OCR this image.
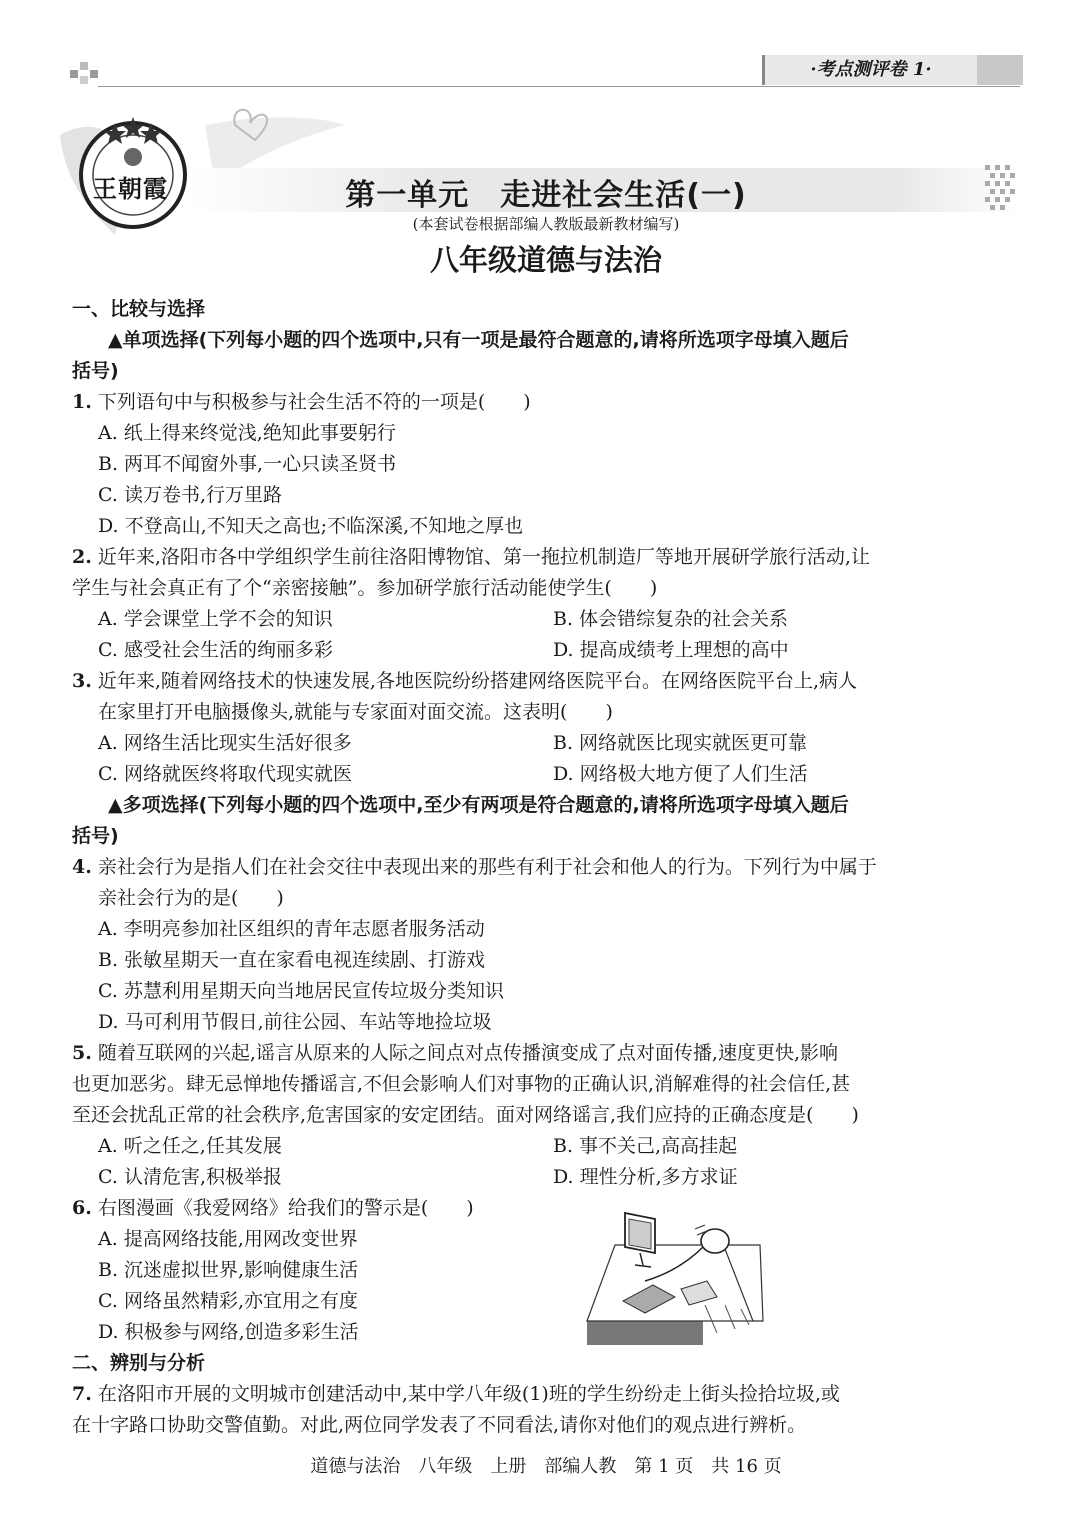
·考点测评卷 1·
王朝霞	第一单元　走进社会生活(一)
(本套试卷根据部编人教版最新教材编写)
八年级道德与法治
一、比较与选择
▲单项选择(下列每小题的四个选项中,只有一项是最符合题意的,请将所选项字母填入题后
括号)
1. 下列语句中与积极参与社会生活不符的一项是(　　)
A. 纸上得来终觉浅,绝知此事要躬行
B. 两耳不闻窗外事,一心只读圣贤书
C. 读万卷书,行万里路
D. 不登高山,不知天之高也;不临深溪,不知地之厚也
2. 近年来,洛阳市各中学组织学生前往洛阳博物馆、第一拖拉机制造厂等地开展研学旅行活动,让
学生与社会真正有了个“亲密接触”。参加研学旅行活动能使学生(　　)
A. 学会课堂上学不会的知识	B. 体会错综复杂的社会关系
C. 感受社会生活的绚丽多彩	D. 提高成绩考上理想的高中
3. 近年来,随着网络技术的快速发展,各地医院纷纷搭建网络医院平台。在网络医院平台上,病人
在家里打开电脑摄像头,就能与专家面对面交流。这表明(　　)
A. 网络生活比现实生活好很多	B. 网络就医比现实就医更可靠
C. 网络就医终将取代现实就医	D. 网络极大地方便了人们生活
▲多项选择(下列每小题的四个选项中,至少有两项是符合题意的,请将所选项字母填入题后
括号)
4. 亲社会行为是指人们在社会交往中表现出来的那些有利于社会和他人的行为。下列行为中属于
亲社会行为的是(　　)
A. 李明亮参加社区组织的青年志愿者服务活动
B. 张敏星期天一直在家看电视连续剧、打游戏
C. 苏慧利用星期天向当地居民宣传垃圾分类知识
D. 马可利用节假日,前往公园、车站等地捡垃圾
5. 随着互联网的兴起,谣言从原来的人际之间点对点传播演变成了点对面传播,速度更快,影响
也更加恶劣。肆无忌惮地传播谣言,不但会影响人们对事物的正确认识,消解难得的社会信任,甚
至还会扰乱正常的社会秩序,危害国家的安定团结。面对网络谣言,我们应持的正确态度是(　　)
A. 听之任之,任其发展	B. 事不关己,高高挂起
C. 认清危害,积极举报	D. 理性分析,多方求证
6. 右图漫画《我爱网络》给我们的警示是(　　)
A. 提高网络技能,用网改变世界
B. 沉迷虚拟世界,影响健康生活
C. 网络虽然精彩,亦宜用之有度
D. 积极参与网络,创造多彩生活
二、辨别与分析
7. 在洛阳市开展的文明城市创建活动中,某中学八年级(1)班的学生纷纷走上街头捡拾垃圾,或
在十字路口协助交警值勤。对此,两位同学发表了不同看法,请你对他们的观点进行辨析。
道德与法治　八年级　上册　部编人教　第 1 页　共 16 页
